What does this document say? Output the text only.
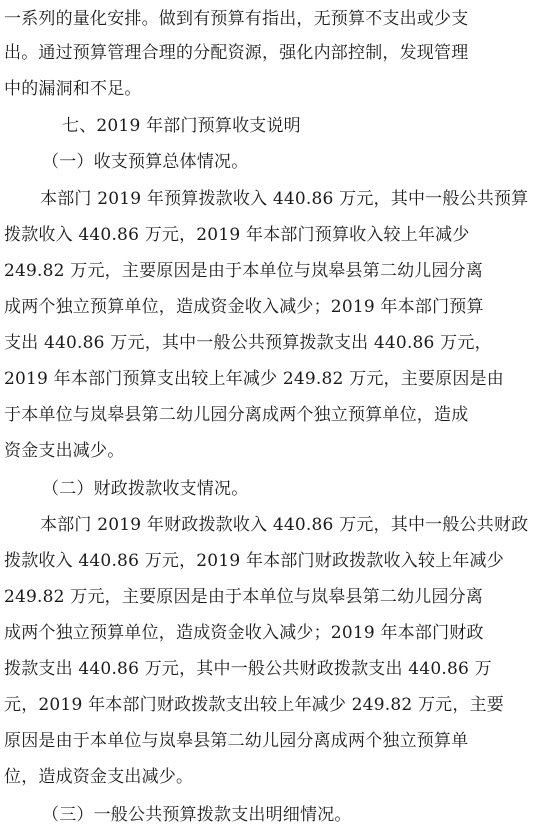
一系列的量化安排。做到有预算有指出，无预算不支出或少支
出。通过预算管理合理的分配资源，强化内部控制，发现管理
中的漏洞和不足。
七、2019 年部门预算收支说明
（一）收支预算总体情况。
本部门 2019 年预算拨款收入 440.86 万元，其中一般公共预算
拨款收入 440.86 万元，2019 年本部门预算收入较上年减少
249.82 万元，主要原因是由于本单位与岚皋县第二幼儿园分离
成两个独立预算单位，造成资金收入减少；2019 年本部门预算
支出 440.86 万元，其中一般公共预算拨款支出 440.86 万元，
2019 年本部门预算支出较上年减少 249.82 万元，主要原因是由
于本单位与岚皋县第二幼儿园分离成两个独立预算单位，造成
资金支出减少。
（二）财政拨款收支情况。
本部门 2019 年财政拨款收入 440.86 万元，其中一般公共财政
拨款收入 440.86 万元，2019 年本部门财政拨款收入较上年减少
249.82 万元，主要原因是由于本单位与岚皋县第二幼儿园分离
成两个独立预算单位，造成资金收入减少；2019 年本部门财政
拨款支出 440.86 万元，其中一般公共财政拨款支出 440.86 万
元，2019 年本部门财政拨款支出较上年减少 249.82 万元，主要
原因是由于本单位与岚皋县第二幼儿园分离成两个独立预算单
位，造成资金支出减少。
（三）一般公共预算拨款支出明细情况。
